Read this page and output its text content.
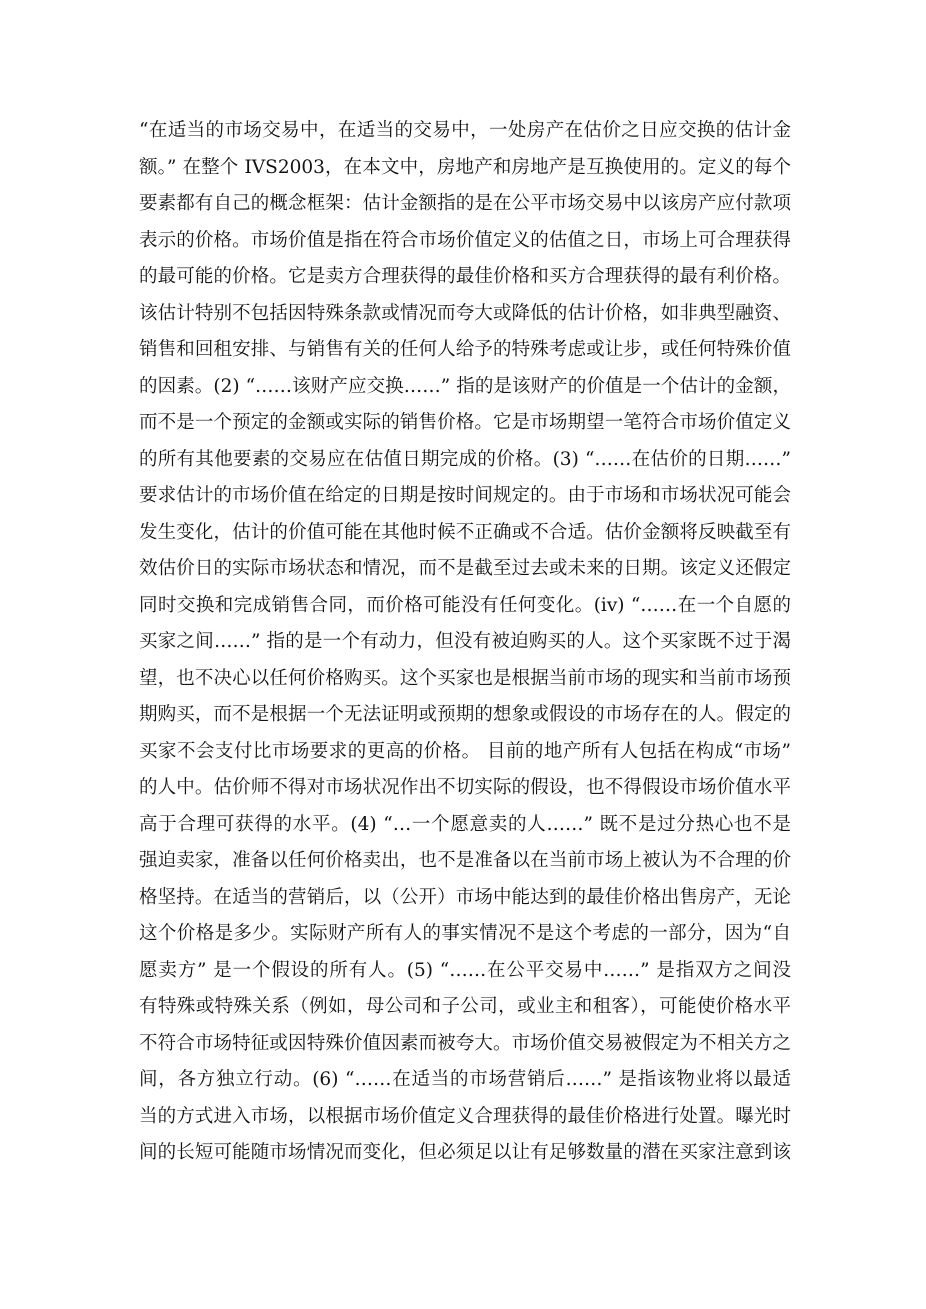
“在适当的市场交易中，在适当的交易中，一处房产在估价之日应交换的估计金
额。” 在整个 IVS2003，在本文中，房地产和房地产是互换使用的。定义的每个
要素都有自己的概念框架：估计金额指的是在公平市场交易中以该房产应付款项
表示的价格。市场价值是指在符合市场价值定义的估值之日，市场上可合理获得
的最可能的价格。它是卖方合理获得的最佳价格和买方合理获得的最有利价格。
该估计特别不包括因特殊条款或情况而夸大或降低的估计价格，如非典型融资、
销售和回租安排、与销售有关的任何人给予的特殊考虑或让步，或任何特殊价值
的因素。(2) “……该财产应交换……” 指的是该财产的价值是一个估计的金额，
而不是一个预定的金额或实际的销售价格。它是市场期望一笔符合市场价值定义
的所有其他要素的交易应在估值日期完成的价格。(3) “……在估价的日期……”
要求估计的市场价值在给定的日期是按时间规定的。由于市场和市场状况可能会
发生变化，估计的价值可能在其他时候不正确或不合适。估价金额将反映截至有
效估价日的实际市场状态和情况，而不是截至过去或未来的日期。该定义还假定
同时交换和完成销售合同，而价格可能没有任何变化。(iv) “……在一个自愿的
买家之间……” 指的是一个有动力，但没有被迫购买的人。这个买家既不过于渴
望，也不决心以任何价格购买。这个买家也是根据当前市场的现实和当前市场预
期购买，而不是根据一个无法证明或预期的想象或假设的市场存在的人。假定的
买家不会支付比市场要求的更高的价格。 目前的地产所有人包括在构成“市场”
的人中。估价师不得对市场状况作出不切实际的假设，也不得假设市场价值水平
高于合理可获得的水平。(4) “…一个愿意卖的人……” 既不是过分热心也不是
强迫卖家，准备以任何价格卖出，也不是准备以在当前市场上被认为不合理的价
格坚持。在适当的营销后，以（公开）市场中能达到的最佳价格出售房产，无论
这个价格是多少。实际财产所有人的事实情况不是这个考虑的一部分，因为“自
愿卖方” 是一个假设的所有人。(5) “……在公平交易中……” 是指双方之间没
有特殊或特殊关系（例如，母公司和子公司，或业主和租客），可能使价格水平
不符合市场特征或因特殊价值因素而被夸大。市场价值交易被假定为不相关方之
间，各方独立行动。(6) “……在适当的市场营销后……” 是指该物业将以最适
当的方式进入市场，以根据市场价值定义合理获得的最佳价格进行处置。曝光时
间的长短可能随市场情况而变化，但必须足以让有足够数量的潜在买家注意到该
